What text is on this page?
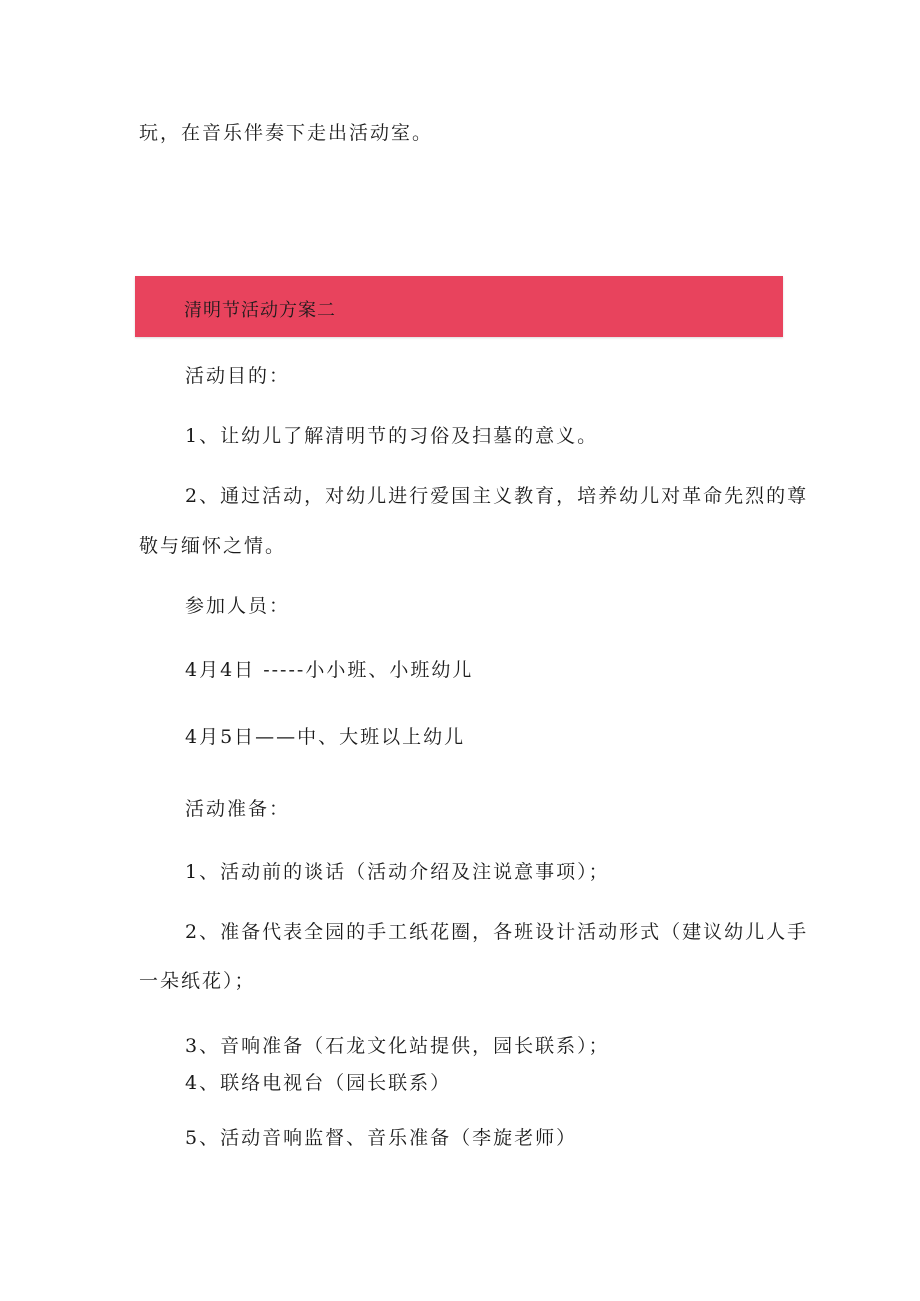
玩，在音乐伴奏下走出活动室。
清明节活动方案二
活动目的：
1、让幼儿了解清明节的习俗及扫墓的意义。
2、通过活动，对幼儿进行爱国主义教育，培养幼儿对革命先烈的尊
敬与缅怀之情。
参加人员：
4月4日 -----小小班、小班幼儿
4月5日——中、大班以上幼儿
活动准备：
1、活动前的谈话（活动介绍及注说意事项）；
2、准备代表全园的手工纸花圈，各班设计活动形式（建议幼儿人手
一朵纸花）；
3、音响准备（石龙文化站提供，园长联系）；
4、联络电视台（园长联系）
5、活动音响监督、音乐准备（李旋老师）
